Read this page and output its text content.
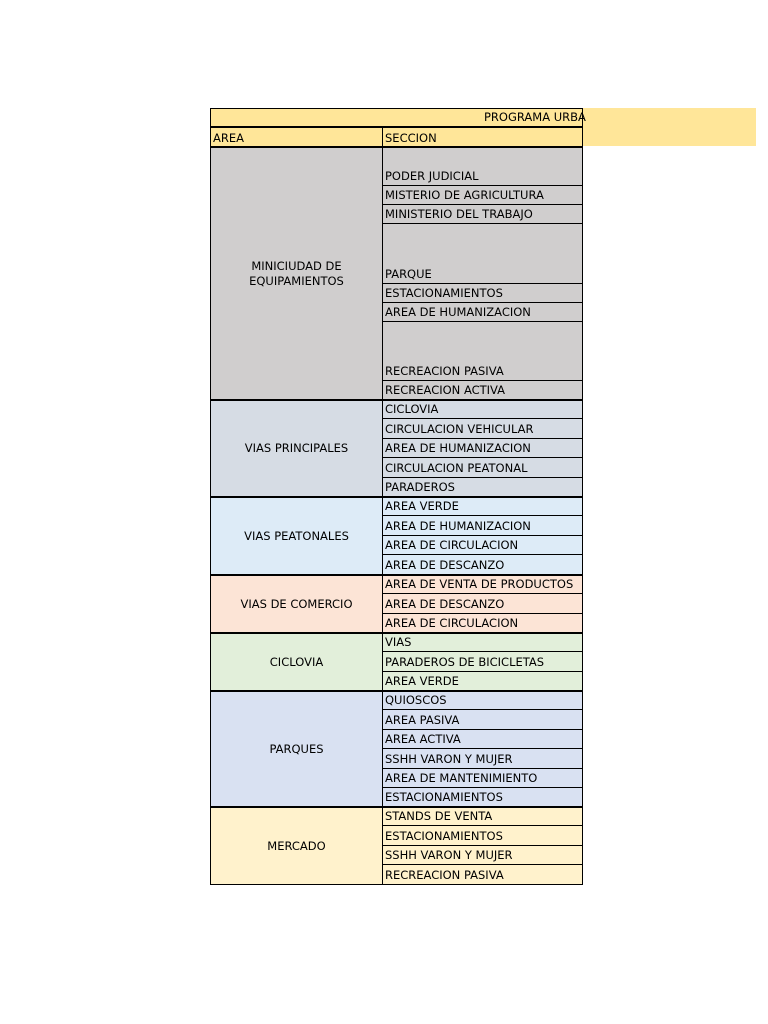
PROGRAMA URBA
AREA	SECCION
MINICIUDAD DE EQUIPAMIENTOS
PODER JUDICIAL
MISTERIO DE AGRICULTURA
MINISTERIO DEL TRABAJO
PARQUE
ESTACIONAMIENTOS
AREA DE HUMANIZACION
RECREACION PASIVA
RECREACION ACTIVA
VIAS PRINCIPALES
CICLOVIA
CIRCULACION VEHICULAR
AREA DE HUMANIZACION
CIRCULACION PEATONAL
PARADEROS
VIAS PEATONALES
AREA VERDE
AREA DE HUMANIZACION
AREA DE CIRCULACION
AREA DE DESCANZO
VIAS DE COMERCIO
AREA DE VENTA DE PRODUCTOS
AREA DE DESCANZO
AREA DE CIRCULACION
CICLOVIA
VIAS
PARADEROS DE BICICLETAS
AREA VERDE
PARQUES
QUIOSCOS
AREA PASIVA
AREA ACTIVA
SSHH VARON Y MUJER
AREA DE MANTENIMIENTO
ESTACIONAMIENTOS
MERCADO
STANDS DE VENTA
ESTACIONAMIENTOS
SSHH VARON Y MUJER
RECREACION PASIVA
